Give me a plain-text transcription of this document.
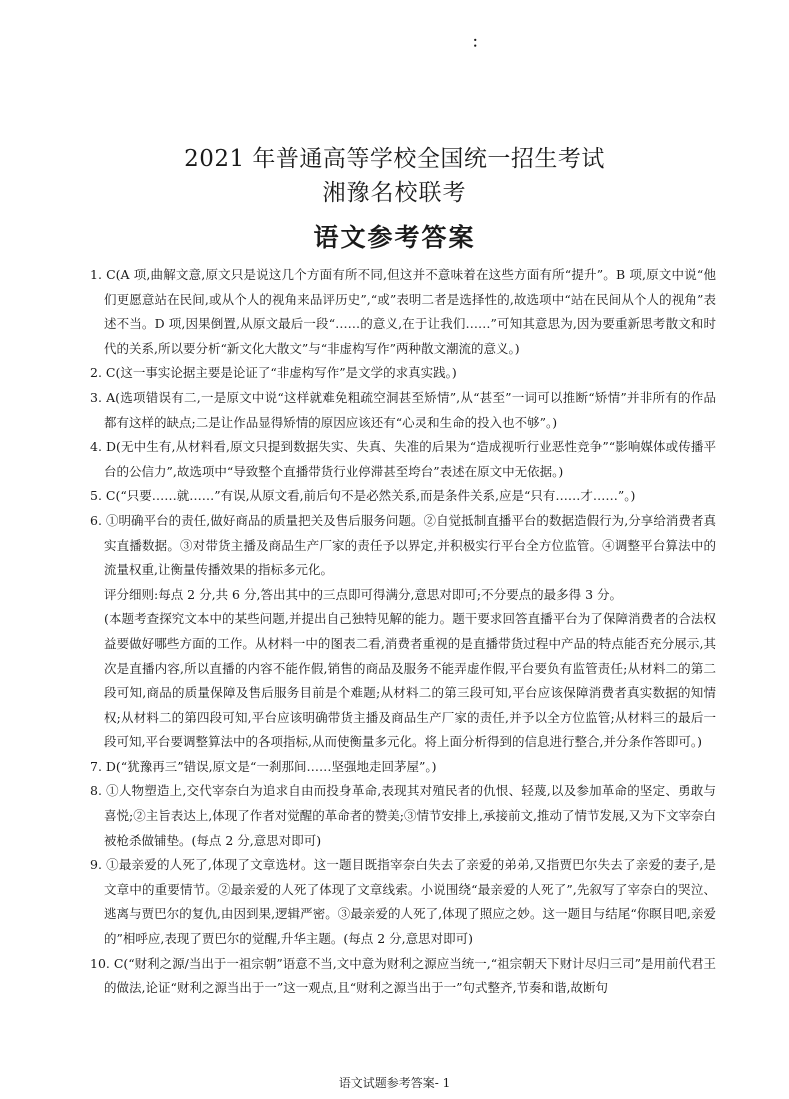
：
2021 年普通高等学校全国统一招生考试
湘豫名校联考
语文参考答案

1. C(A 项,曲解文意,原文只是说这几个方面有所不同,但这并不意味着在这些方面有所“提升”。B 项,原文中说“他们更愿意站在民间,或从个人的视角来品评历史”,“或”表明二者是选择性的,故选项中“站在民间从个人的视角”表述不当。D 项,因果倒置,从原文最后一段“……的意义,在于让我们……”可知其意思为,因为要重新思考散文和时代的关系,所以要分析“新文化大散文”与“非虚构写作”两种散文潮流的意义。)

2. C(这一事实论据主要是论证了“非虚构写作”是文学的求真实践。)

3. A(选项错误有二,一是原文中说“这样就难免粗疏空洞甚至矫情”,从“甚至”一词可以推断“矫情”并非所有的作品都有这样的缺点;二是让作品显得矫情的原因应该还有“心灵和生命的投入也不够”。)

4. D(无中生有,从材料看,原文只提到数据失实、失真、失准的后果为“造成视听行业恶性竞争”“影响媒体或传播平台的公信力”,故选项中“导致整个直播带货行业停滞甚至垮台”表述在原文中无依据。)

5. C(“只要……就……”有误,从原文看,前后句不是必然关系,而是条件关系,应是“只有……才……”。)

6. ①明确平台的责任,做好商品的质量把关及售后服务问题。②自觉抵制直播平台的数据造假行为,分享给消费者真实直播数据。③对带货主播及商品生产厂家的责任予以界定,并积极实行平台全方位监管。④调整平台算法中的流量权重,让衡量传播效果的指标多元化。

评分细则:每点 2 分,共 6 分,答出其中的三点即可得满分,意思对即可;不分要点的最多得 3 分。

(本题考查探究文本中的某些问题,并提出自己独特见解的能力。题干要求回答直播平台为了保障消费者的合法权益要做好哪些方面的工作。从材料一中的图表二看,消费者重视的是直播带货过程中产品的特点能否充分展示,其次是直播内容,所以直播的内容不能作假,销售的商品及服务不能弄虚作假,平台要负有监管责任;从材料二的第二段可知,商品的质量保障及售后服务目前是个难题;从材料二的第三段可知,平台应该保障消费者真实数据的知情权;从材料二的第四段可知,平台应该明确带货主播及商品生产厂家的责任,并予以全方位监管;从材料三的最后一段可知,平台要调整算法中的各项指标,从而使衡量多元化。将上面分析得到的信息进行整合,并分条作答即可。)

7. D(“犹豫再三”错误,原文是“一刹那间……坚强地走回茅屋”。)

8. ①人物塑造上,交代宰奈白为追求自由而投身革命,表现其对殖民者的仇恨、轻蔑,以及参加革命的坚定、勇敢与喜悦;②主旨表达上,体现了作者对觉醒的革命者的赞美;③情节安排上,承接前文,推动了情节发展,又为下文宰奈白被枪杀做铺垫。(每点 2 分,意思对即可)

9. ①最亲爱的人死了,体现了文章选材。这一题目既指宰奈白失去了亲爱的弟弟,又指贾巴尔失去了亲爱的妻子,是文章中的重要情节。②最亲爱的人死了体现了文章线索。小说围绕“最亲爱的人死了”,先叙写了宰奈白的哭泣、逃离与贾巴尔的复仇,由因到果,逻辑严密。③最亲爱的人死了,体现了照应之妙。这一题目与结尾“你瞑目吧,亲爱的”相呼应,表现了贾巴尔的觉醒,升华主题。(每点 2 分,意思对即可)

10. C(“财利之源/当出于一祖宗朝”语意不当,文中意为财利之源应当统一,“祖宗朝天下财计尽归三司”是用前代君王的做法,论证“财利之源当出于一”这一观点,且“财利之源当出于一”句式整齐,节奏和谐,故断句

语文试题参考答案- 1
